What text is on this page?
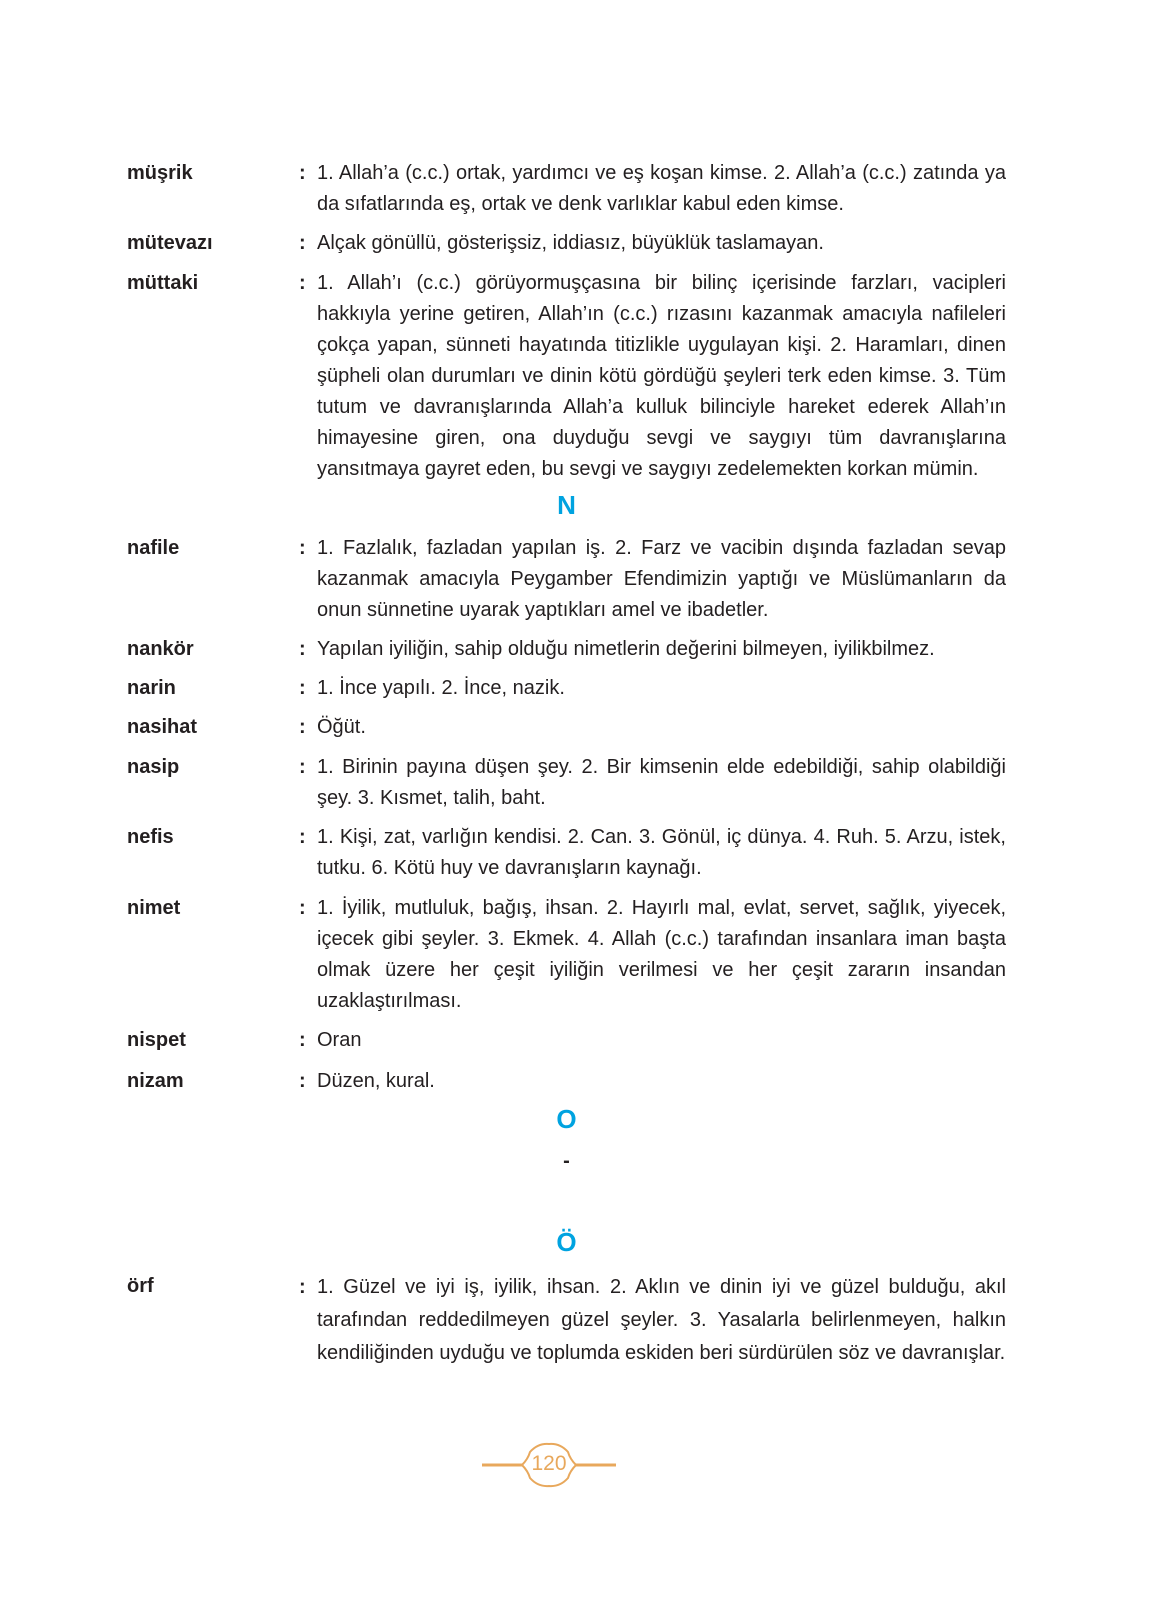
müşrik	: 1. Allah’a (c.c.) ortak, yardımcı ve eş koşan kimse. 2. Allah’a (c.c.) zatında ya da sıfatlarında eş, ortak ve denk varlıklar kabul eden kimse.
mütevazı	: Alçak gönüllü, gösterişsiz, iddiasız, büyüklük taslamayan.
müttaki	: 1. Allah’ı (c.c.) görüyormuşçasına bir bilinç içerisinde farzları, vacipleri hakkıyla yerine getiren, Allah’ın (c.c.) rızasını kazanmak amacıyla nafileleri çokça yapan, sünneti hayatında titizlikle uygulayan kişi. 2. Haramları, dinen şüpheli olan durumları ve dinin kötü gördüğü şeyleri terk eden kimse. 3. Tüm tutum ve davranışlarında Allah’a kulluk bilinciyle hareket ederek Allah’ın himayesine giren, ona duyduğu sevgi ve saygıyı tüm davranışlarına yansıtmaya gayret eden, bu sevgi ve saygıyı zedelemekten korkan mümin.
N
nafile	: 1. Fazlalık, fazladan yapılan iş. 2. Farz ve vacibin dışında fazladan sevap kazanmak amacıyla Peygamber Efendimizin yaptığı ve Müslümanların da onun sünnetine uyarak yaptıkları amel ve ibadetler.
nankör	: Yapılan iyiliğin, sahip olduğu nimetlerin değerini bilmeyen, iyilikbilmez.
narin	: 1. İnce yapılı. 2. İnce, nazik.
nasihat	: Öğüt.
nasip	: 1. Birinin payına düşen şey. 2. Bir kimsenin elde edebildiği, sahip olabildiği şey. 3. Kısmet, talih, baht.
nefis	: 1. Kişi, zat, varlığın kendisi. 2. Can. 3. Gönül, iç dünya. 4. Ruh. 5. Arzu, istek, tutku. 6. Kötü huy ve davranışların kaynağı.
nimet	: 1. İyilik, mutluluk, bağış, ihsan. 2. Hayırlı mal, evlat, servet, sağlık, yiyecek, içecek gibi şeyler. 3. Ekmek. 4. Allah (c.c.) tarafından insanlara iman başta olmak üzere her çeşit iyiliğin verilmesi ve her çeşit zararın insandan uzaklaştırılması.
nispet	: Oran
nizam	: Düzen, kural.
O
-
Ö
örf	: 1. Güzel ve iyi iş, iyilik, ihsan. 2. Aklın ve dinin iyi ve güzel bulduğu, akıl tarafından reddedilmeyen güzel şeyler. 3. Yasalarla belirlenmeyen, halkın kendiliğinden uyduğu ve toplumda eskiden beri sürdürülen söz ve davranışlar.
120
